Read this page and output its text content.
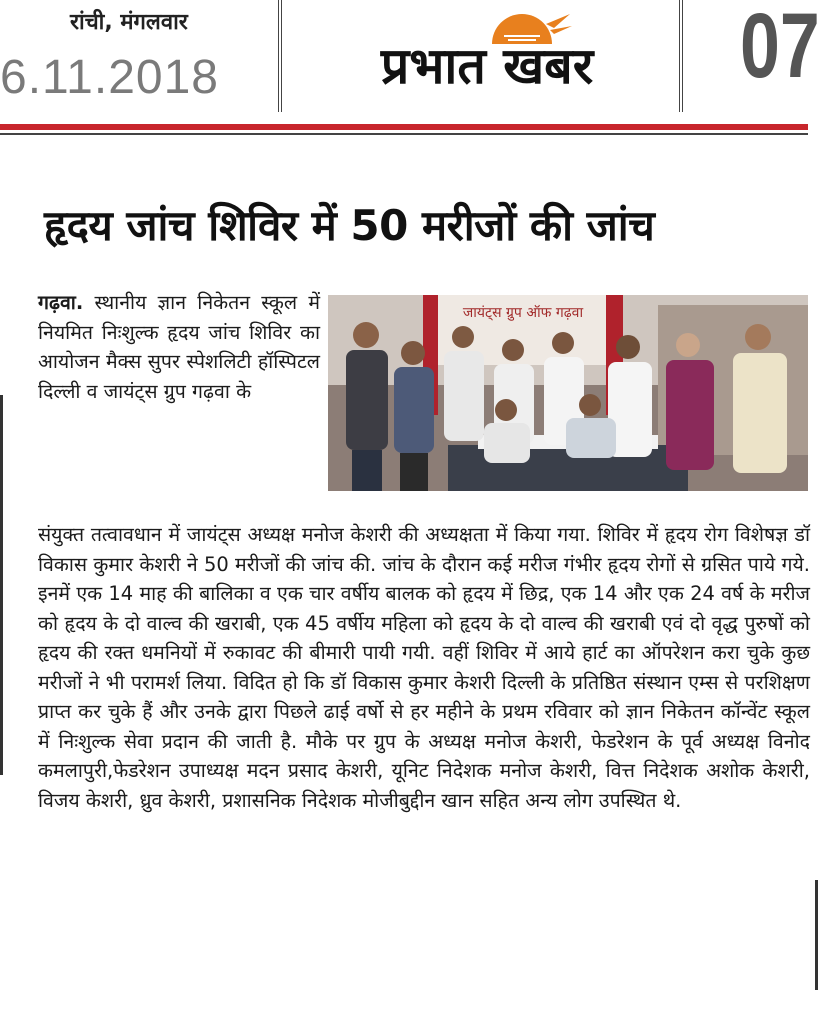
रांची, मंगलवार
6.11.2018	प्रभात खबर	07
हृदय जांच शिविर में 50 मरीजों की जांच
गढ़वा. स्थानीय ज्ञान निकेतन स्कूल में नियमित निःशुल्क हृदय जांच शिविर का आयोजन मैक्स सुपर स्पेशलिटी हॉस्पिटल दिल्ली व जायंट्स ग्रुप गढ़वा के
जायंट्स ग्रुप ऑफ गढ़वा
संयुक्त तत्वावधान में जायंट्स अध्यक्ष मनोज केशरी की अध्यक्षता में किया गया. शिविर में हृदय रोग विशेषज्ञ डॉ विकास कुमार केशरी ने 50 मरीजों की जांच की. जांच के दौरान कई मरीज गंभीर हृदय रोगों से ग्रसित पाये गये. इनमें एक 14 माह की बालिका व एक चार वर्षीय बालक को हृदय में छिद्र, एक 14 और एक 24 वर्ष के मरीज को हृदय के दो वाल्व की खराबी, एक 45 वर्षीय महिला को हृदय के दो वाल्व की खराबी एवं दो वृद्ध पुरुषों को हृदय की रक्त धमनियों में रुकावट की बीमारी पायी गयी. वहीं शिविर में आये हार्ट का ऑपरेशन करा चुके कुछ मरीजों ने भी परामर्श लिया. विदित हो कि डॉ विकास कुमार केशरी दिल्ली के प्रतिष्ठित संस्थान एम्स से परशिक्षण प्राप्त कर चुके हैं और उनके द्वारा पिछले ढाई वर्षो से हर महीने के प्रथम रविवार को ज्ञान निकेतन कॉन्वेंट स्कूल में निःशुल्क सेवा प्रदान की जाती है. मौके पर ग्रुप के अध्यक्ष मनोज केशरी, फेडरेशन के पूर्व अध्यक्ष विनोद कमलापुरी,फेडरेशन उपाध्यक्ष मदन प्रसाद केशरी, यूनिट निदेशक मनोज केशरी, वित्त निदेशक अशोक केशरी, विजय केशरी, ध्रुव केशरी, प्रशासनिक निदेशक मोजीबुद्दीन खान सहित अन्य लोग उपस्थित थे.
